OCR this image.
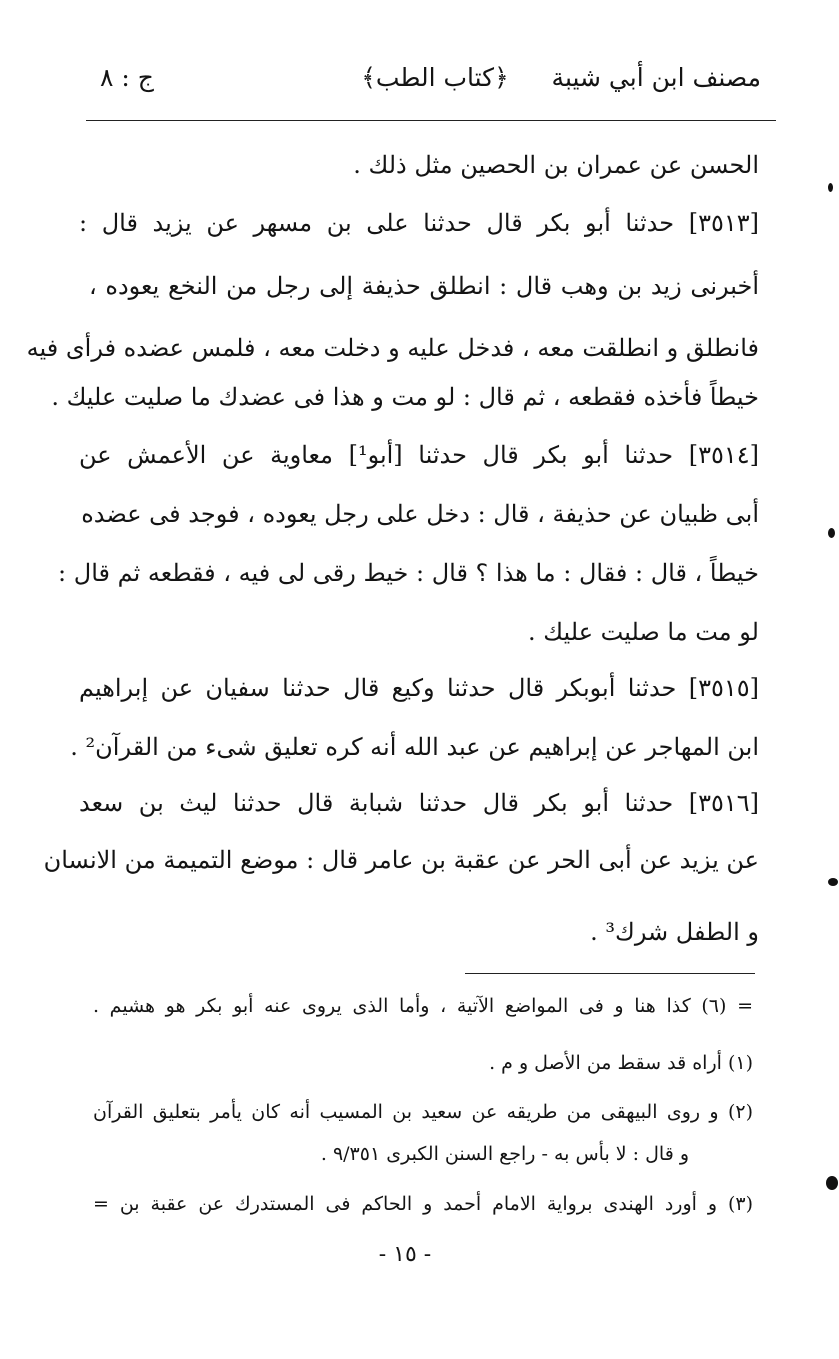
مصنف ابن أبي شيبة
﴿كتاب الطب﴾
ج : ٨
الحسن عن عمران بن الحصين مثل ذلك .
[٣٥١٣] حدثنا أبو بكر قال حدثنا على بن مسهر عن يزيد قال :
أخبرنى زيد بن وهب قال : انطلق حذيفة إلى رجل من النخع يعوده ،
فانطلق و انطلقت معه ، فدخل عليه و دخلت معه ، فلمس عضده فرأى فيه
خيطاً فأخذه فقطعه ، ثم قال : لو مت و هذا فى عضدك ما صليت عليك .
[٣٥١٤] حدثنا أبو بكر قال حدثنا [أبو¹] معاوية عن الأعمش عن
أبى ظبيان عن حذيفة ، قال : دخل على رجل يعوده ، فوجد فى عضده
خيطاً ، قال : فقال : ما هذا ؟ قال : خيط رقى لى فيه ، فقطعه ثم قال :
لو مت ما صليت عليك .
[٣٥١٥] حدثنا أبوبكر قال حدثنا وكيع قال حدثنا سفيان عن إبراهيم
ابن المهاجر عن إبراهيم عن عبد الله أنه كره تعليق شىء من القرآن² .
[٣٥١٦] حدثنا أبو بكر قال حدثنا شبابة قال حدثنا ليث بن سعد
عن يزيد عن أبى الحر عن عقبة بن عامر قال : موضع التميمة من الانسان
و الطفل شرك³ .
= (٦) كذا هنا و فى المواضع الآتية ، وأما الذى يروى عنه أبو بكر هو هشيم .
(١) أراه قد سقط من الأصل و م .
(٢) و روى البيهقى من طريقه عن سعيد بن المسيب أنه كان يأمر بتعليق القرآن
و قال : لا بأس به - راجع السنن الكبرى ٩/٣٥١ .
(٣) و أورد الهندى برواية الامام أحمد و الحاكم فى المستدرك عن عقبة بن =
- ١٥ -
